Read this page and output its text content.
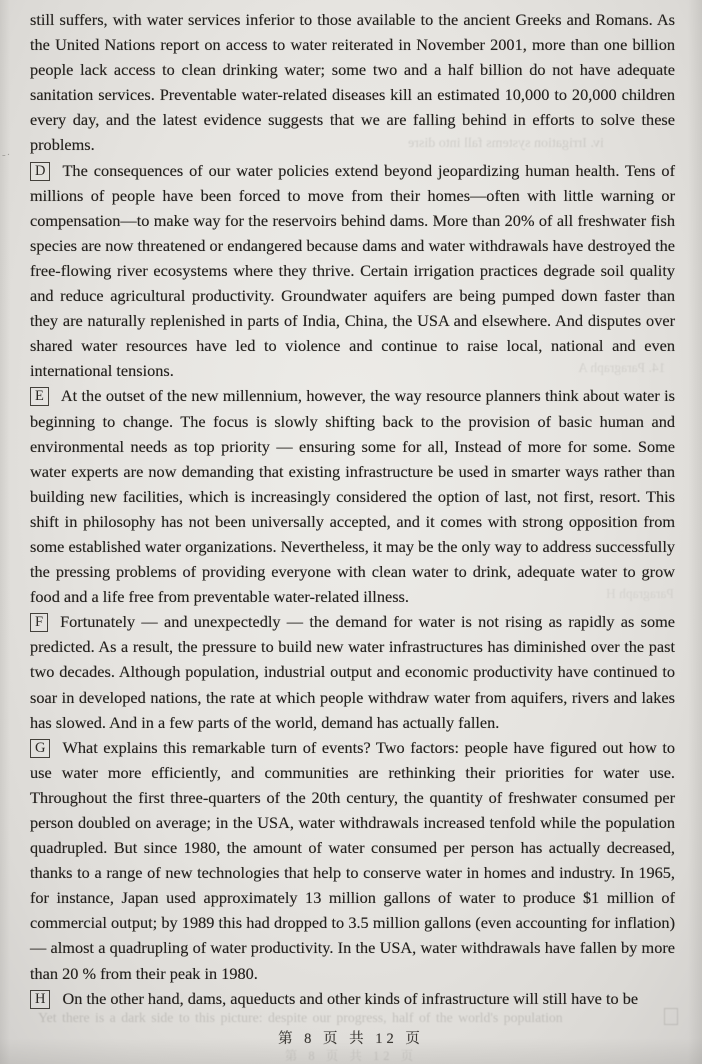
still suffers, with water services inferior to those available to the ancient Greeks and Romans. As the United Nations report on access to water reiterated in November 2001, more than one billion people lack access to clean drinking water; some two and a half billion do not have adequate sanitation services. Preventable water-related diseases kill an estimated 10,000 to 20,000 children every day, and the latest evidence suggests that we are falling behind in efforts to solve these problems.

D The consequences of our water policies extend beyond jeopardizing human health. Tens of millions of people have been forced to move from their homes—often with little warning or compensation—to make way for the reservoirs behind dams. More than 20% of all freshwater fish species are now threatened or endangered because dams and water withdrawals have destroyed the free-flowing river ecosystems where they thrive. Certain irrigation practices degrade soil quality and reduce agricultural productivity. Groundwater aquifers are being pumped down faster than they are naturally replenished in parts of India, China, the USA and elsewhere. And disputes over shared water resources have led to violence and continue to raise local, national and even international tensions.

E At the outset of the new millennium, however, the way resource planners think about water is beginning to change. The focus is slowly shifting back to the provision of basic human and environmental needs as top priority — ensuring some for all, Instead of more for some. Some water experts are now demanding that existing infrastructure be used in smarter ways rather than building new facilities, which is increasingly considered the option of last, not first, resort. This shift in philosophy has not been universally accepted, and it comes with strong opposition from some established water organizations. Nevertheless, it may be the only way to address successfully the pressing problems of providing everyone with clean water to drink, adequate water to grow food and a life free from preventable water-related illness.

F Fortunately — and unexpectedly — the demand for water is not rising as rapidly as some predicted. As a result, the pressure to build new water infrastructures has diminished over the past two decades. Although population, industrial output and economic productivity have continued to soar in developed nations, the rate at which people withdraw water from aquifers, rivers and lakes has slowed. And in a few parts of the world, demand has actually fallen.

G What explains this remarkable turn of events? Two factors: people have figured out how to use water more efficiently, and communities are rethinking their priorities for water use. Throughout the first three-quarters of the 20th century, the quantity of freshwater consumed per person doubled on average; in the USA, water withdrawals increased tenfold while the population quadrupled. But since 1980, the amount of water consumed per person has actually decreased, thanks to a range of new technologies that help to conserve water in homes and industry. In 1965, for instance, Japan used approximately 13 million gallons of water to produce $1 million of commercial output; by 1989 this had dropped to 3.5 million gallons (even accounting for inflation) — almost a quadrupling of water productivity. In the USA, water withdrawals have fallen by more than 20 % from their peak in 1980.

H On the other hand, dams, aqueducts and other kinds of infrastructure will still have to be

第 8 页 共 12 页
-·
iv. Irrigation systems fall into disre
14. Paragraph A
Paragraph H
Yet there is a dark side to this picture: despite our progress, half of the world's population
第 8 页 共 12 页
